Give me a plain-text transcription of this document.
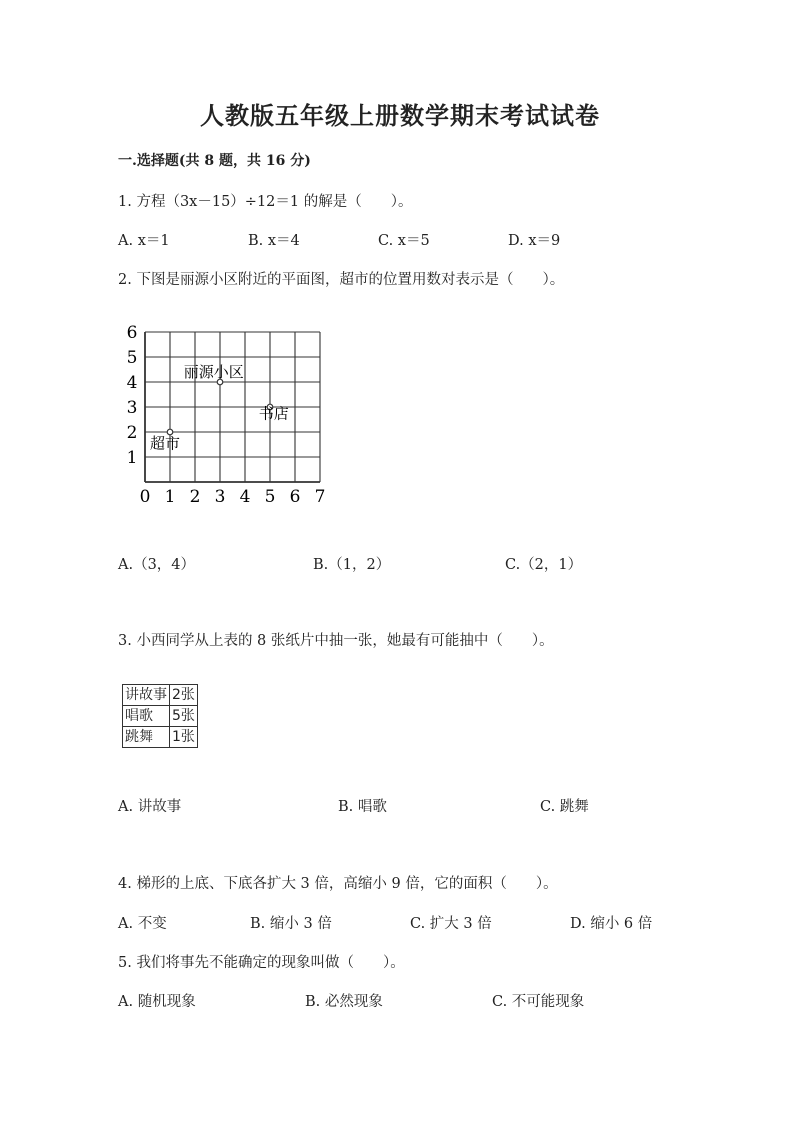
人教版五年级上册数学期末考试试卷
一.选择题(共 8 题，共 16 分)
1. 方程（3x－15）÷12＝1 的解是（　　）。
A. x＝1	B. x＝4	C. x＝5	D. x＝9
2. 下图是丽源小区附近的平面图，超市的位置用数对表示是（　　）。
0 1 2 3 4 5 6 7
1
2
3
4
5
6
丽源小区
书店
超市
A.（3，4）	B.（1，2）	C.（2，1）
3. 小西同学从上表的 8 张纸片中抽一张，她最有可能抽中（　　）。
讲故事	2张
唱歌	5张
跳舞	1张
A. 讲故事	B. 唱歌	C. 跳舞
4. 梯形的上底、下底各扩大 3 倍，高缩小 9 倍，它的面积（　　）。
A. 不变	B. 缩小 3 倍	C. 扩大 3 倍	D. 缩小 6 倍
5. 我们将事先不能确定的现象叫做（　　）。
A. 随机现象	B. 必然现象	C. 不可能现象
